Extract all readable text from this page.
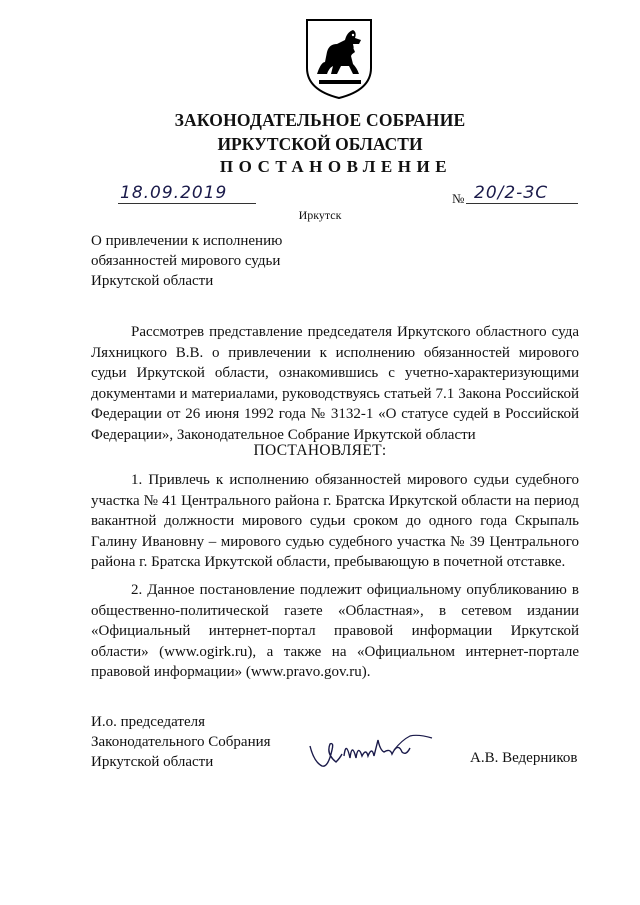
ЗАКОНОДАТЕЛЬНОЕ СОБРАНИЕ
ИРКУТСКОЙ ОБЛАСТИ
ПОСТАНОВЛЕНИЕ
18.09.2019	№ 20/2-ЗС
Иркутск
О привлечении к исполнению обязанностей мирового судьи Иркутской области

Рассмотрев представление председателя Иркутского областного суда Ляхницкого В.В. о привлечении к исполнению обязанностей мирового судьи Иркутской области, ознакомившись с учетно-характеризующими документами и материалами, руководствуясь статьей 7.1 Закона Российской Федерации от 26 июня 1992 года № 3132-1 «О статусе судей в Российской Федерации», Законодательное Собрание Иркутской области

ПОСТАНОВЛЯЕТ:

1. Привлечь к исполнению обязанностей мирового судьи судебного участка № 41 Центрального района г. Братска Иркутской области на период вакантной должности мирового судьи сроком до одного года Скрыпаль Галину Ивановну – мирового судью судебного участка № 39 Центрального района г. Братска Иркутской области, пребывающую в почетной отставке.

2. Данное постановление подлежит официальному опубликованию в общественно-политической газете «Областная», в сетевом издании «Официальный интернет-портал правовой информации Иркутской области» (www.ogirk.ru), а также на «Официальном интернет-портале правовой информации» (www.pravo.gov.ru).

И.о. председателя
Законодательного Собрания
Иркутской области	А.В. Ведерников
